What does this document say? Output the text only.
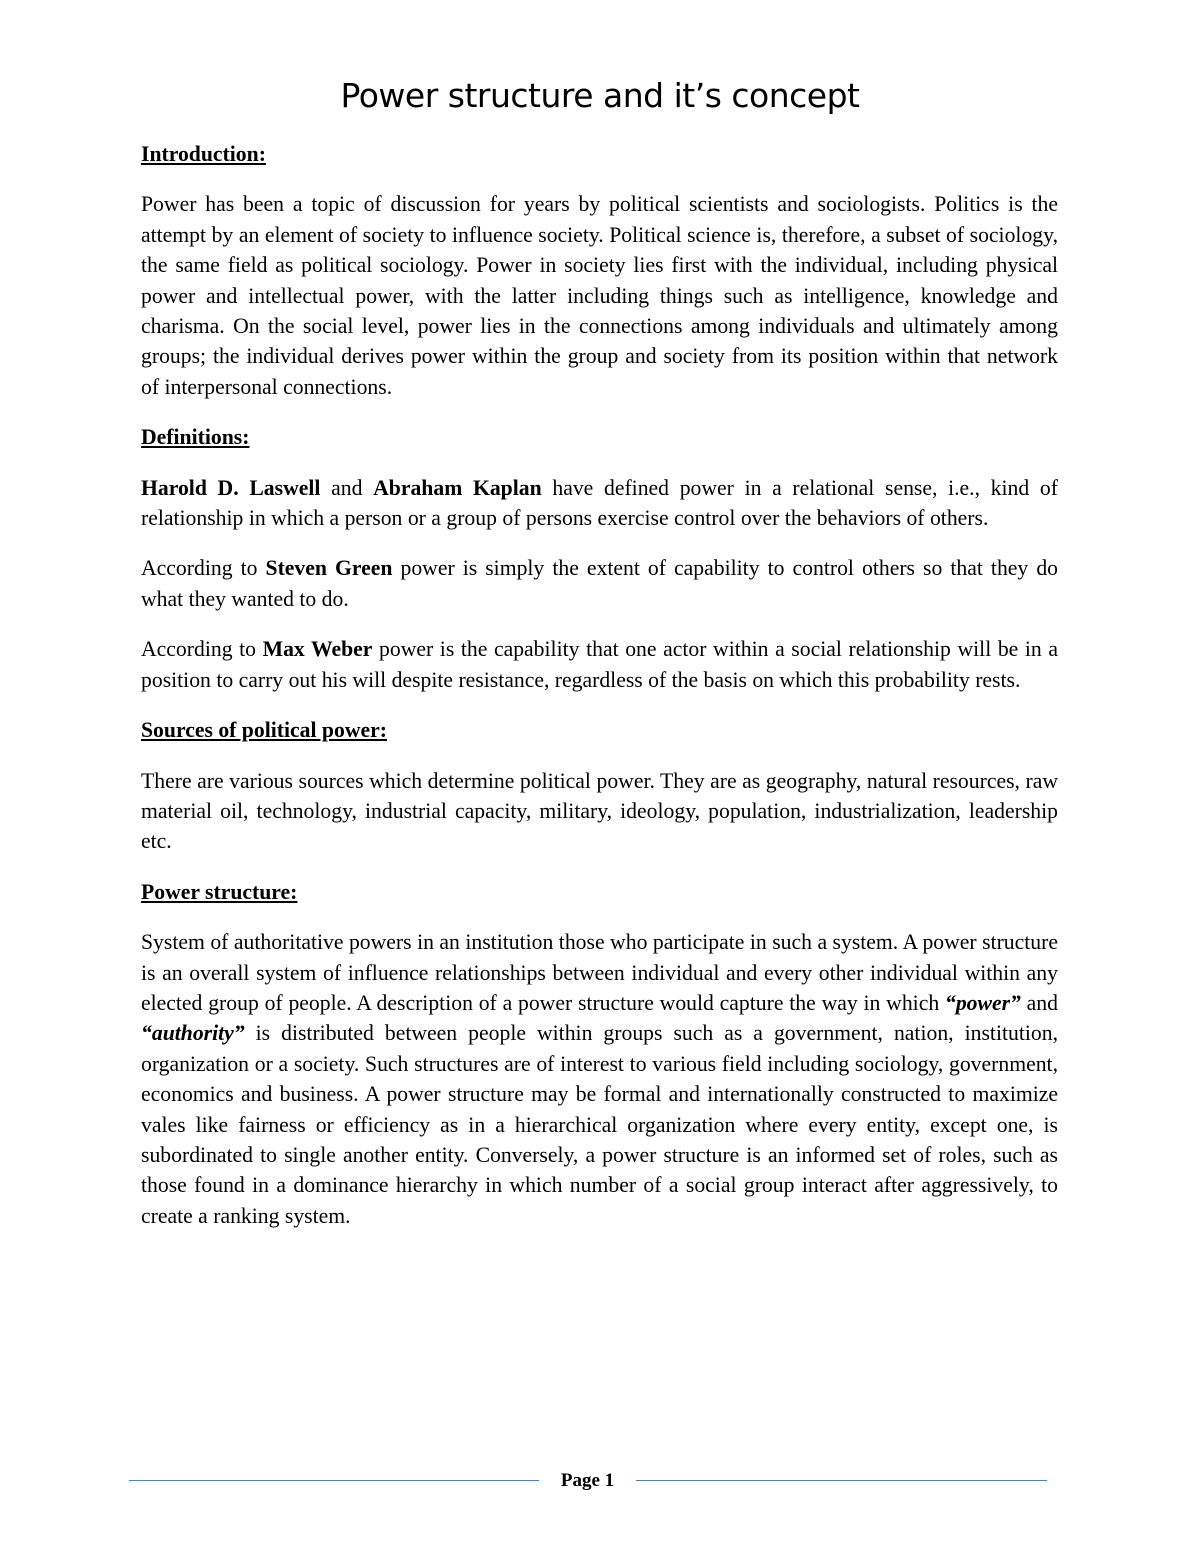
Power structure and it’s concept
Introduction:

Power has been a topic of discussion for years by political scientists and sociologists. Politics is the attempt by an element of society to influence society. Political science is, therefore, a subset of sociology, the same field as political sociology. Power in society lies first with the individual, including physical power and intellectual power, with the latter including things such as intelligence, knowledge and charisma. On the social level, power lies in the connections among individuals and ultimately among groups; the individual derives power within the group and society from its position within that network of interpersonal connections.

Definitions:

Harold D. Laswell and Abraham Kaplan have defined power in a relational sense, i.e., kind of relationship in which a person or a group of persons exercise control over the behaviors of others.

According to Steven Green power is simply the extent of capability to control others so that they do what they wanted to do.

According to Max Weber power is the capability that one actor within a social relationship will be in a position to carry out his will despite resistance, regardless of the basis on which this probability rests.

Sources of political power:

There are various sources which determine political power. They are as geography, natural resources, raw material oil, technology, industrial capacity, military, ideology, population, industrialization, leadership etc.

Power structure:

System of authoritative powers in an institution those who participate in such a system. A power structure is an overall system of influence relationships between individual and every other individual within any elected group of people. A description of a power structure would capture the way in which “power” and “authority” is distributed between people within groups such as a government, nation, institution, organization or a society. Such structures are of interest to various field including sociology, government, economics and business. A power structure may be formal and internationally constructed to maximize vales like fairness or efficiency as in a hierarchical organization where every entity, except one, is subordinated to single another entity. Conversely, a power structure is an informed set of roles, such as those found in a dominance hierarchy in which number of a social group interact after aggressively, to create a ranking system.

Page 1
